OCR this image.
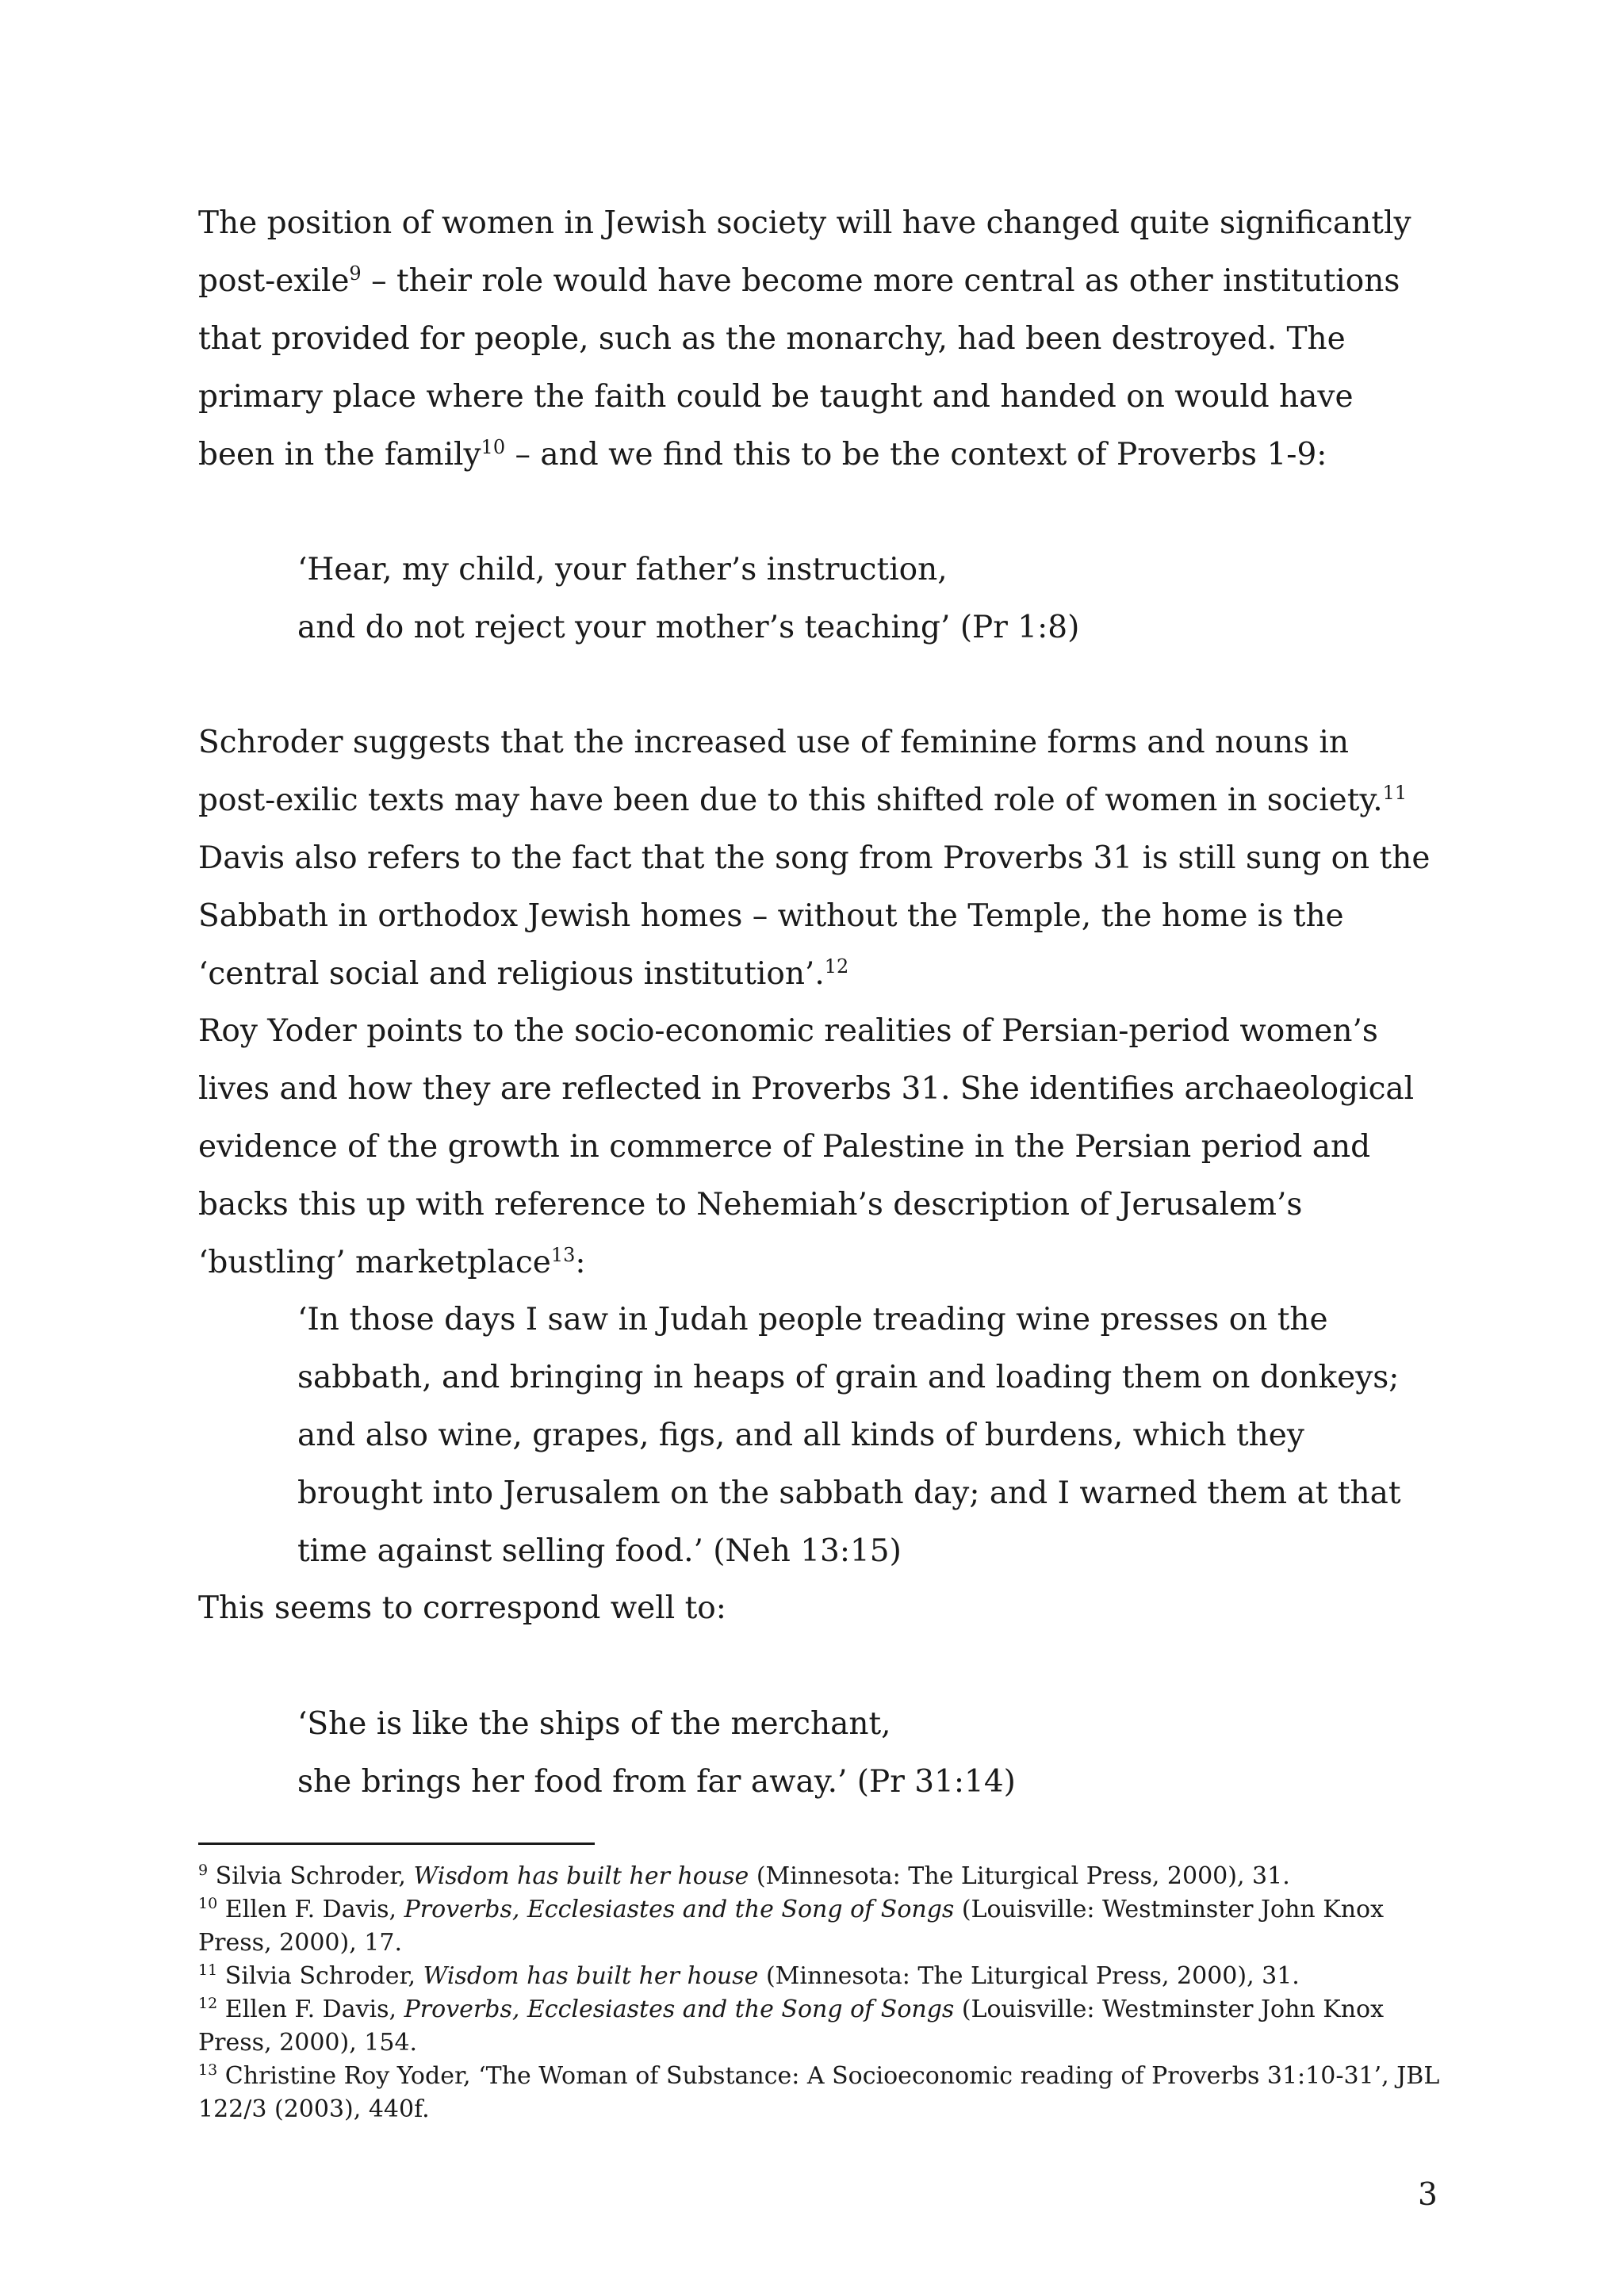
The position of women in Jewish society will have changed quite significantly post-exile$^9$ – their role would have become more central as other institutions that provided for people, such as the monarchy, had been destroyed. The primary place where the faith could be taught and handed on would have been in the family$^{10}$ – and we find this to be the context of Proverbs 1-9:

‘Hear, my child, your father’s instruction,
and do not reject your mother’s teaching’ (Pr 1:8)

Schroder suggests that the increased use of feminine forms and nouns in post-exilic texts may have been due to this shifted role of women in society.$^{11}$ Davis also refers to the fact that the song from Proverbs 31 is still sung on the Sabbath in orthodox Jewish homes – without the Temple, the home is the ‘central social and religious institution’.$^{12}$

Roy Yoder points to the socio-economic realities of Persian-period women’s lives and how they are reflected in Proverbs 31. She identifies archaeological evidence of the growth in commerce of Palestine in the Persian period and backs this up with reference to Nehemiah’s description of Jerusalem’s ‘bustling’ marketplace$^{13}$:

‘In those days I saw in Judah people treading wine presses on the sabbath, and bringing in heaps of grain and loading them on donkeys; and also wine, grapes, figs, and all kinds of burdens, which they brought into Jerusalem on the sabbath day; and I warned them at that time against selling food.’ (Neh 13:15)

This seems to correspond well to:

‘She is like the ships of the merchant,
she brings her food from far away.’ (Pr 31:14)
$^9$ Silvia Schroder, Wisdom has built her house (Minnesota: The Liturgical Press, 2000), 31.
$^{10}$ Ellen F. Davis, Proverbs, Ecclesiastes and the Song of Songs (Louisville: Westminster John Knox Press, 2000), 17.
$^{11}$ Silvia Schroder, Wisdom has built her house (Minnesota: The Liturgical Press, 2000), 31.
$^{12}$ Ellen F. Davis, Proverbs, Ecclesiastes and the Song of Songs (Louisville: Westminster John Knox Press, 2000), 154.
$^{13}$ Christine Roy Yoder, ‘The Woman of Substance: A Socioeconomic reading of Proverbs 31:10-31’, JBL 122/3 (2003), 440f.
3
